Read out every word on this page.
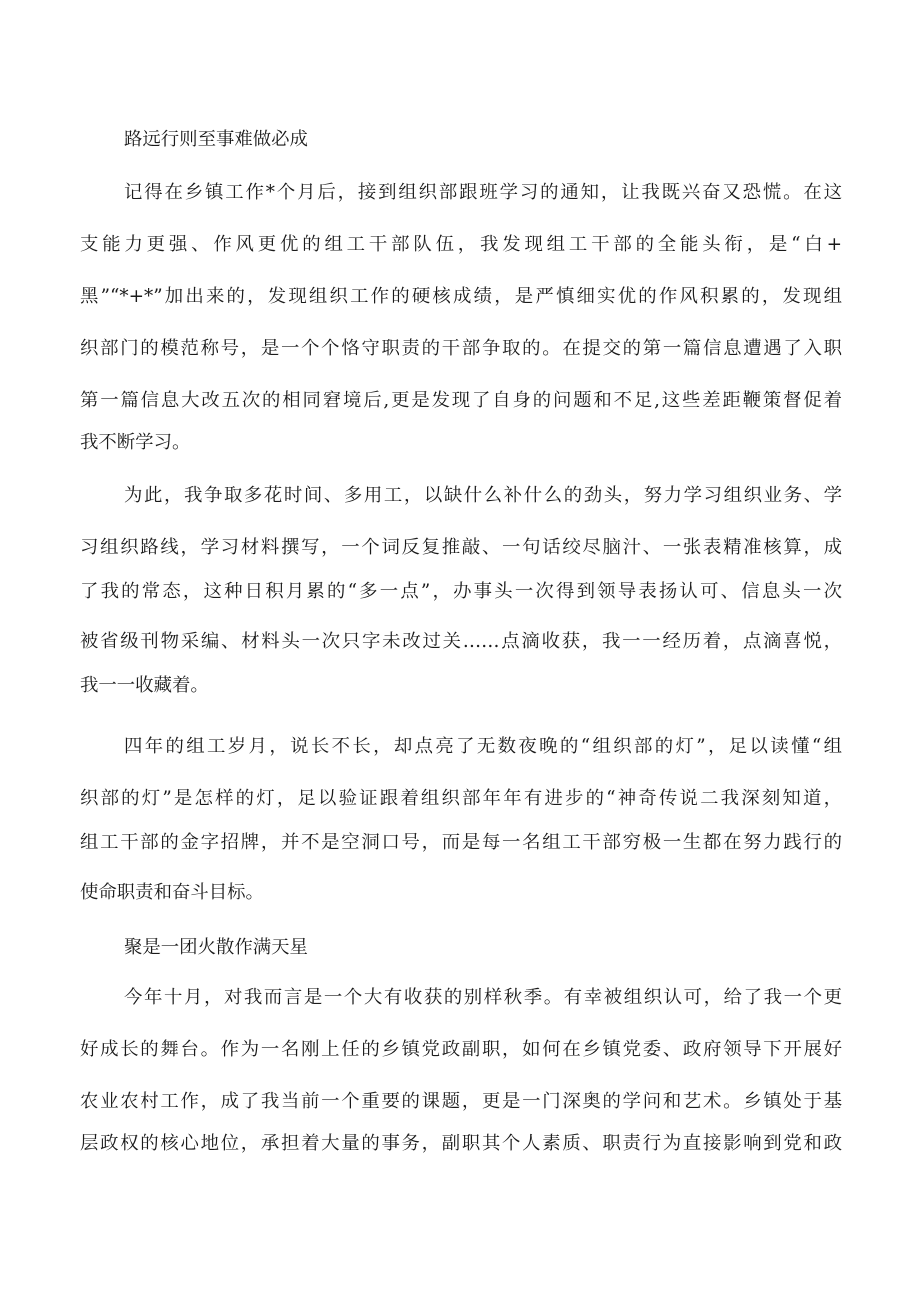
路远行则至事难做必成
记得在乡镇工作*个月后，接到组织部跟班学习的通知，让我既兴奋又恐慌。在这
支能力更强、作风更优的组工干部队伍，我发现组工干部的全能头衔，是“白+
黑”“*+*”加出来的，发现组织工作的硬核成绩，是严慎细实优的作风积累的，发现组
织部门的模范称号，是一个个恪守职责的干部争取的。在提交的第一篇信息遭遇了入职
第一篇信息大改五次的相同窘境后,更是发现了自身的问题和不足,这些差距鞭策督促着
我不断学习。
为此，我争取多花时间、多用工，以缺什么补什么的劲头，努力学习组织业务、学
习组织路线，学习材料撰写，一个词反复推敲、一句话绞尽脑汁、一张表精准核算，成
了我的常态，这种日积月累的“多一点”，办事头一次得到领导表扬认可、信息头一次
被省级刊物采编、材料头一次只字未改过关……点滴收获，我一一经历着，点滴喜悦，
我一一收藏着。
四年的组工岁月，说长不长，却点亮了无数夜晚的“组织部的灯”，足以读懂“组
织部的灯”是怎样的灯，足以验证跟着组织部年年有进步的“神奇传说二我深刻知道，
组工干部的金字招牌，并不是空洞口号，而是每一名组工干部穷极一生都在努力践行的
使命职责和奋斗目标。
聚是一团火散作满天星
今年十月，对我而言是一个大有收获的别样秋季。有幸被组织认可，给了我一个更
好成长的舞台。作为一名刚上任的乡镇党政副职，如何在乡镇党委、政府领导下开展好
农业农村工作，成了我当前一个重要的课题，更是一门深奥的学问和艺术。乡镇处于基
层政权的核心地位，承担着大量的事务，副职其个人素质、职责行为直接影响到党和政
